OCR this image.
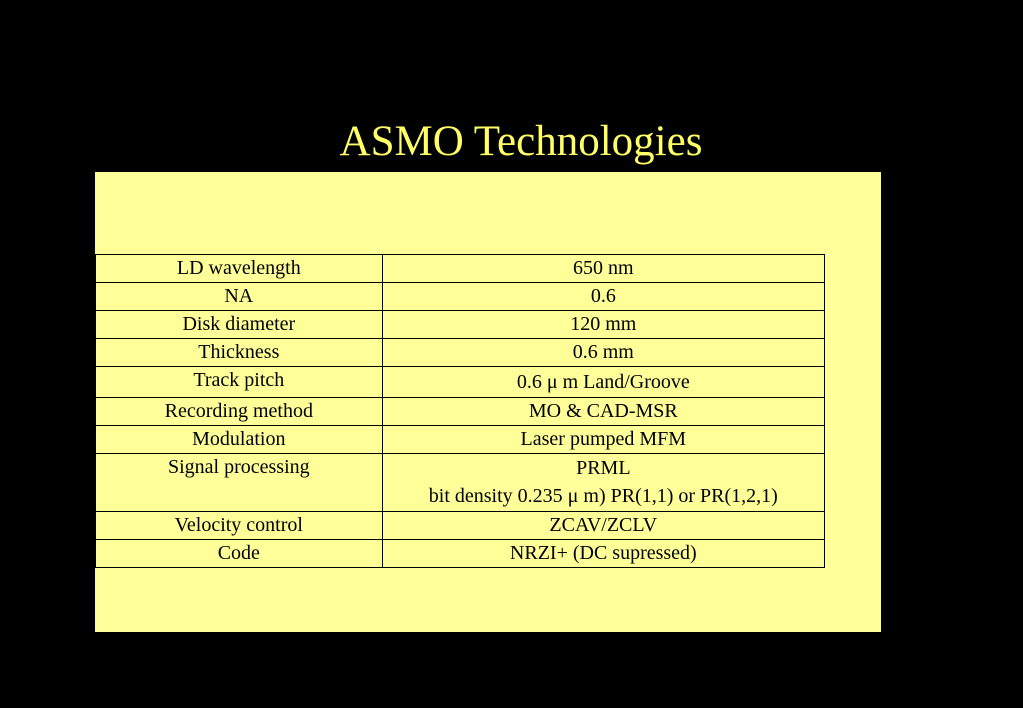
ASMO Technologies
LD wavelength	650 nm
NA	0.6
Disk diameter	120 mm
Thickness	0.6 mm
Track pitch	0.6 μ m Land/Groove
Recording method	MO & CAD-MSR
Modulation	Laser pumped MFM
Signal processing	PRML
bit density 0.235 μ m) PR(1,1) or PR(1,2,1)

Velocity control	ZCAV/ZCLV
Code	NRZI+ (DC supressed)
